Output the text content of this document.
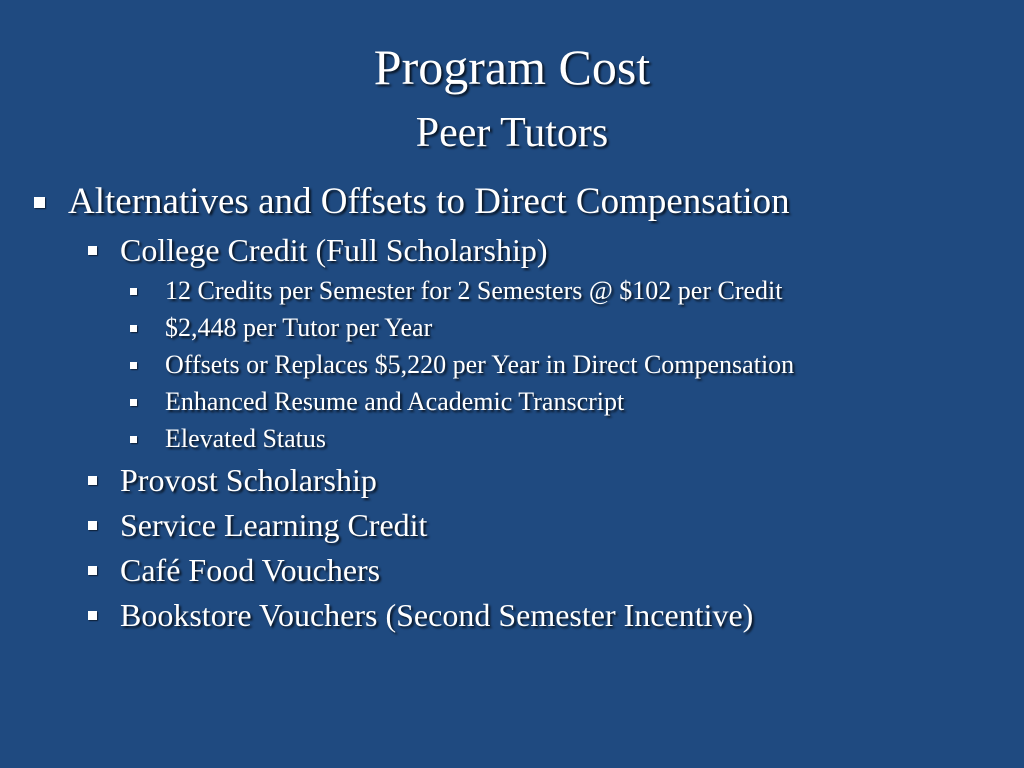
Program Cost
Peer Tutors
Alternatives and Offsets to Direct Compensation
College Credit (Full Scholarship)
12 Credits per Semester for 2 Semesters @ $102 per Credit
$2,448 per Tutor per Year
Offsets or Replaces $5,220 per Year in Direct Compensation
Enhanced Resume and Academic Transcript
Elevated Status
Provost Scholarship
Service Learning Credit
Café Food Vouchers
Bookstore Vouchers (Second Semester Incentive)
